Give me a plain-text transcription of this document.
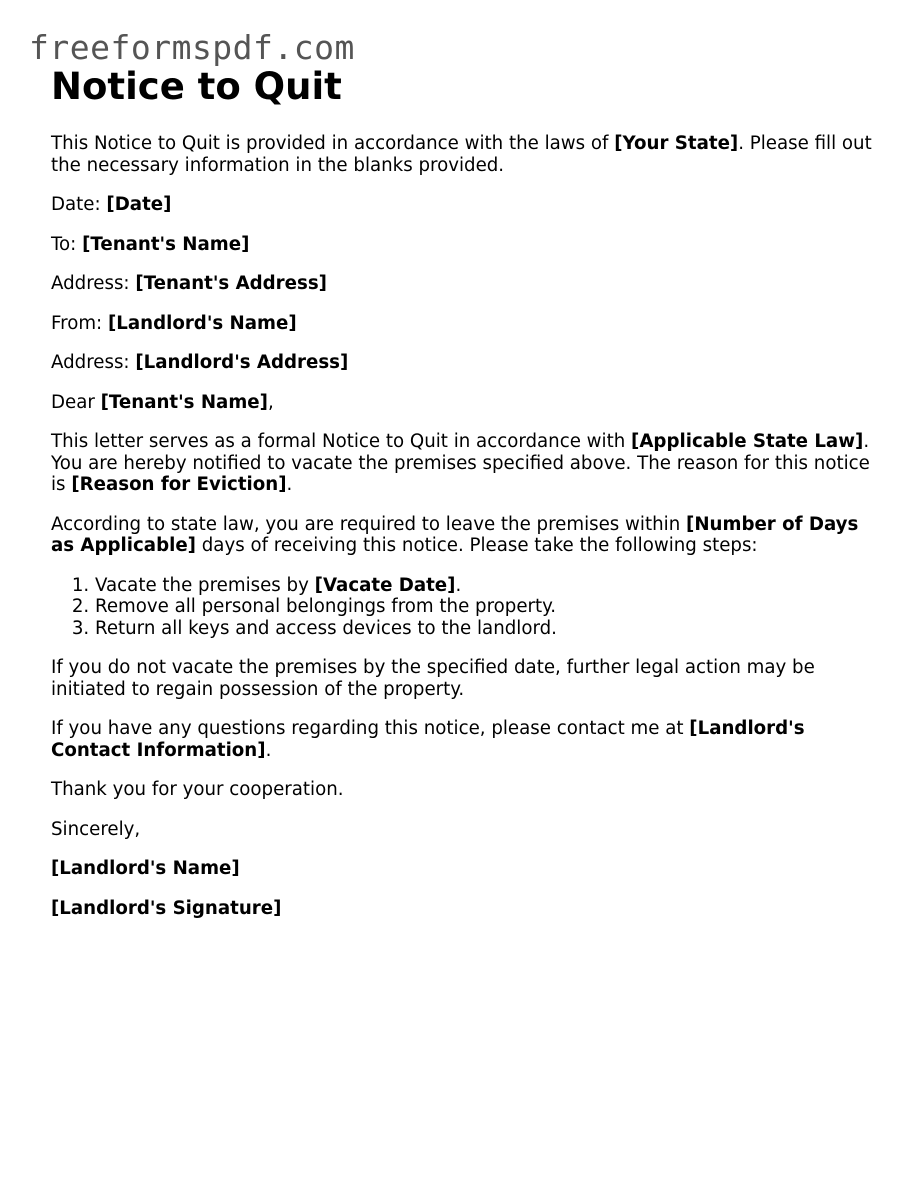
freeformspdf.com
Notice to Quit

This Notice to Quit is provided in accordance with the laws of [Your State]. Please fill out the necessary information in the blanks provided.

Date: [Date]

To: [Tenant's Name]

Address: [Tenant's Address]

From: [Landlord's Name]

Address: [Landlord's Address]

Dear [Tenant's Name],

This letter serves as a formal Notice to Quit in accordance with [Applicable State Law]. You are hereby notified to vacate the premises specified above. The reason for this notice is [Reason for Eviction].

According to state law, you are required to leave the premises within [Number of Days as Applicable] days of receiving this notice. Please take the following steps:

1. Vacate the premises by [Vacate Date].
2. Remove all personal belongings from the property.
3. Return all keys and access devices to the landlord.

If you do not vacate the premises by the specified date, further legal action may be initiated to regain possession of the property.

If you have any questions regarding this notice, please contact me at [Landlord's Contact Information].

Thank you for your cooperation.

Sincerely,

[Landlord's Name]

[Landlord's Signature]
